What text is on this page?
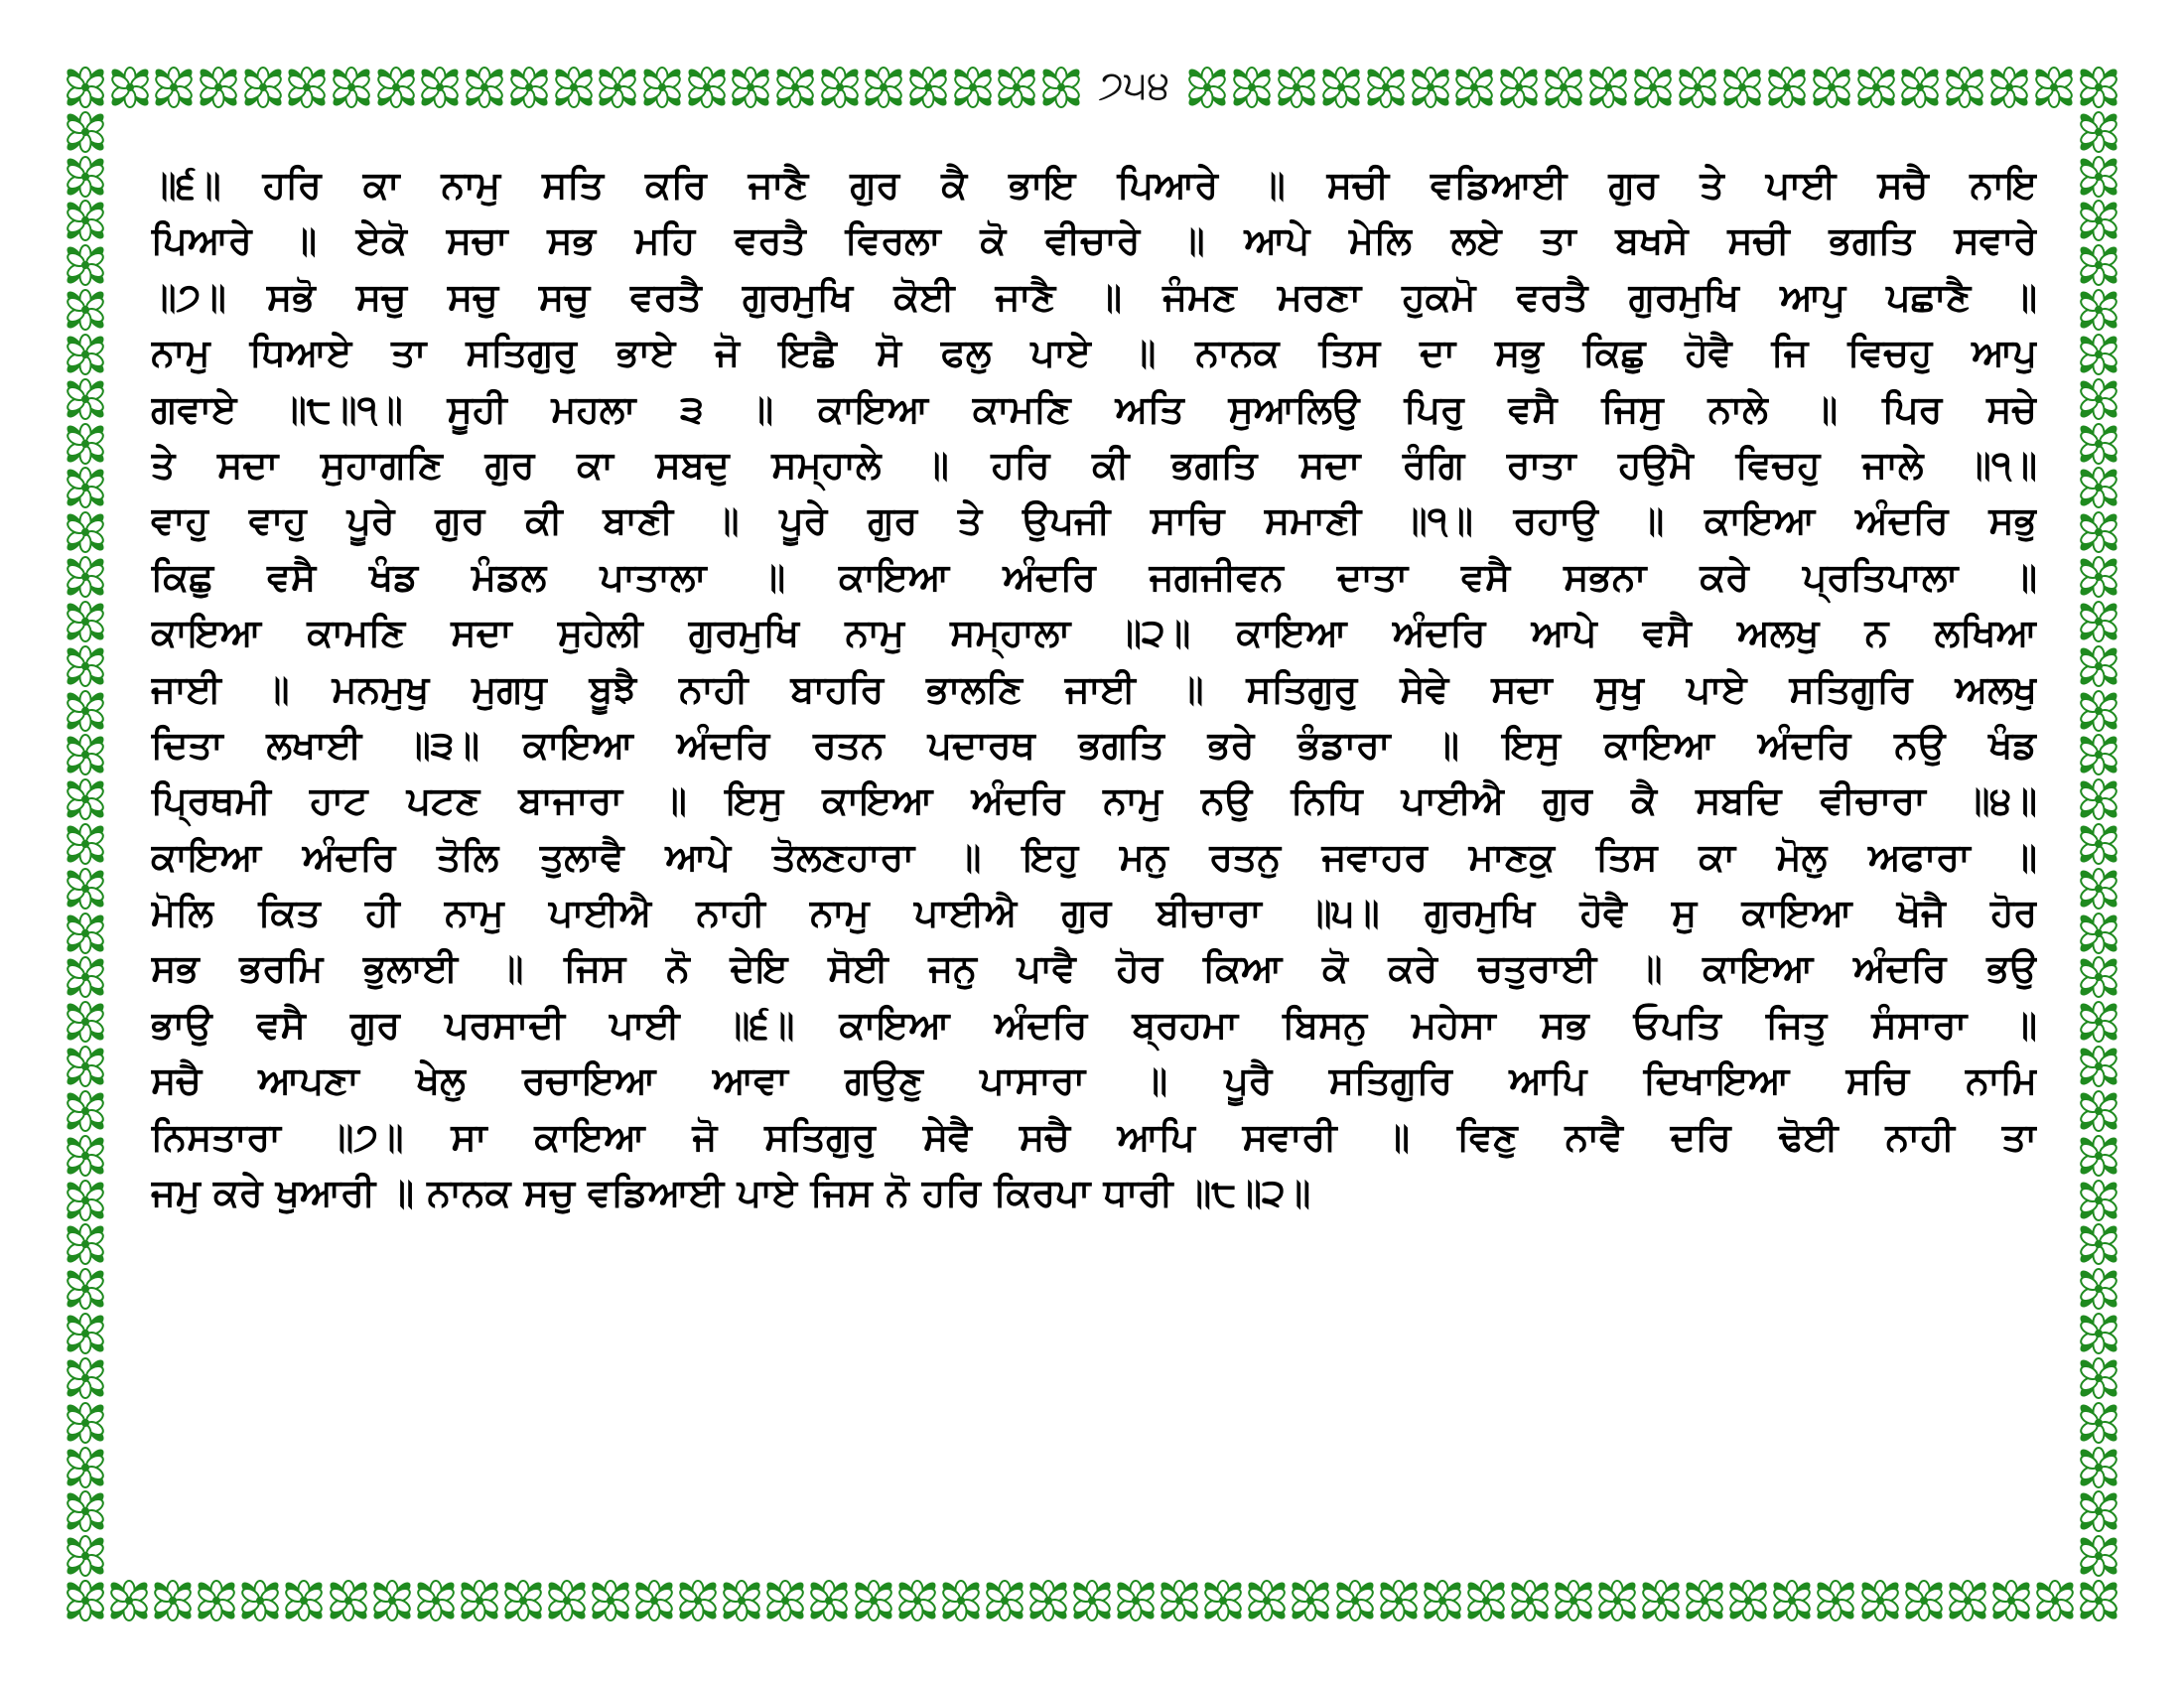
੭੫੪
॥੬॥ ਹਰਿ ਕਾ ਨਾਮੁ ਸਤਿ ਕਰਿ ਜਾਣੈ ਗੁਰ ਕੈ ਭਾਇ ਪਿਆਰੇ ॥ ਸਚੀ ਵਡਿਆਈ ਗੁਰ ਤੇ ਪਾਈ ਸਚੈ ਨਾਇ
ਪਿਆਰੇ ॥ ਏਕੋ ਸਚਾ ਸਭ ਮਹਿ ਵਰਤੈ ਵਿਰਲਾ ਕੋ ਵੀਚਾਰੇ ॥ ਆਪੇ ਮੇਲਿ ਲਏ ਤਾ ਬਖਸੇ ਸਚੀ ਭਗਤਿ ਸਵਾਰੇ
॥੭॥ ਸਭੋ ਸਚੁ ਸਚੁ ਸਚੁ ਵਰਤੈ ਗੁਰਮੁਖਿ ਕੋਈ ਜਾਣੈ ॥ ਜੰਮਣ ਮਰਣਾ ਹੁਕਮੋ ਵਰਤੈ ਗੁਰਮੁਖਿ ਆਪੁ ਪਛਾਣੈ ॥
ਨਾਮੁ ਧਿਆਏ ਤਾ ਸਤਿਗੁਰੁ ਭਾਏ ਜੋ ਇਛੈ ਸੋ ਫਲੁ ਪਾਏ ॥ ਨਾਨਕ ਤਿਸ ਦਾ ਸਭੁ ਕਿਛੁ ਹੋਵੈ ਜਿ ਵਿਚਹੁ ਆਪੁ
ਗਵਾਏ ॥੮॥੧॥ ਸੂਹੀ ਮਹਲਾ ੩ ॥ ਕਾਇਆ ਕਾਮਣਿ ਅਤਿ ਸੁਆਲਿਉ ਪਿਰੁ ਵਸੈ ਜਿਸੁ ਨਾਲੇ ॥ ਪਿਰ ਸਚੇ
ਤੇ ਸਦਾ ਸੁਹਾਗਣਿ ਗੁਰ ਕਾ ਸਬਦੁ ਸਮ੍ਹਾਲੇ ॥ ਹਰਿ ਕੀ ਭਗਤਿ ਸਦਾ ਰੰਗਿ ਰਾਤਾ ਹਉਮੈ ਵਿਚਹੁ ਜਾਲੇ ॥੧॥
ਵਾਹੁ ਵਾਹੁ ਪੂਰੇ ਗੁਰ ਕੀ ਬਾਣੀ ॥ ਪੂਰੇ ਗੁਰ ਤੇ ਉਪਜੀ ਸਾਚਿ ਸਮਾਣੀ ॥੧॥ ਰਹਾਉ ॥ ਕਾਇਆ ਅੰਦਰਿ ਸਭੁ
ਕਿਛੁ ਵਸੈ ਖੰਡ ਮੰਡਲ ਪਾਤਾਲਾ ॥ ਕਾਇਆ ਅੰਦਰਿ ਜਗਜੀਵਨ ਦਾਤਾ ਵਸੈ ਸਭਨਾ ਕਰੇ ਪ੍ਰਤਿਪਾਲਾ ॥
ਕਾਇਆ ਕਾਮਣਿ ਸਦਾ ਸੁਹੇਲੀ ਗੁਰਮੁਖਿ ਨਾਮੁ ਸਮ੍ਹਾਲਾ ॥੨॥ ਕਾਇਆ ਅੰਦਰਿ ਆਪੇ ਵਸੈ ਅਲਖੁ ਨ ਲਖਿਆ
ਜਾਈ ॥ ਮਨਮੁਖੁ ਮੁਗਧੁ ਬੂਝੈ ਨਾਹੀ ਬਾਹਰਿ ਭਾਲਣਿ ਜਾਈ ॥ ਸਤਿਗੁਰੁ ਸੇਵੇ ਸਦਾ ਸੁਖੁ ਪਾਏ ਸਤਿਗੁਰਿ ਅਲਖੁ
ਦਿਤਾ ਲਖਾਈ ॥੩॥ ਕਾਇਆ ਅੰਦਰਿ ਰਤਨ ਪਦਾਰਥ ਭਗਤਿ ਭਰੇ ਭੰਡਾਰਾ ॥ ਇਸੁ ਕਾਇਆ ਅੰਦਰਿ ਨਉ ਖੰਡ
ਪ੍ਰਿਥਮੀ ਹਾਟ ਪਟਣ ਬਾਜਾਰਾ ॥ ਇਸੁ ਕਾਇਆ ਅੰਦਰਿ ਨਾਮੁ ਨਉ ਨਿਧਿ ਪਾਈਐ ਗੁਰ ਕੈ ਸਬਦਿ ਵੀਚਾਰਾ ॥੪॥
ਕਾਇਆ ਅੰਦਰਿ ਤੋਲਿ ਤੁਲਾਵੈ ਆਪੇ ਤੋਲਣਹਾਰਾ ॥ ਇਹੁ ਮਨੁ ਰਤਨੁ ਜਵਾਹਰ ਮਾਣਕੁ ਤਿਸ ਕਾ ਮੋਲੁ ਅਫਾਰਾ ॥
ਮੋਲਿ ਕਿਤ ਹੀ ਨਾਮੁ ਪਾਈਐ ਨਾਹੀ ਨਾਮੁ ਪਾਈਐ ਗੁਰ ਬੀਚਾਰਾ ॥੫॥ ਗੁਰਮੁਖਿ ਹੋਵੈ ਸੁ ਕਾਇਆ ਖੋਜੈ ਹੋਰ
ਸਭ ਭਰਮਿ ਭੁਲਾਈ ॥ ਜਿਸ ਨੋ ਦੇਇ ਸੋਈ ਜਨੁ ਪਾਵੈ ਹੋਰ ਕਿਆ ਕੋ ਕਰੇ ਚਤੁਰਾਈ ॥ ਕਾਇਆ ਅੰਦਰਿ ਭਉ
ਭਾਉ ਵਸੈ ਗੁਰ ਪਰਸਾਦੀ ਪਾਈ ॥੬॥ ਕਾਇਆ ਅੰਦਰਿ ਬ੍ਰਹਮਾ ਬਿਸਨੁ ਮਹੇਸਾ ਸਭ ਓਪਤਿ ਜਿਤੁ ਸੰਸਾਰਾ ॥
ਸਚੈ ਆਪਣਾ ਖੇਲੁ ਰਚਾਇਆ ਆਵਾ ਗਉਣੁ ਪਾਸਾਰਾ ॥ ਪੂਰੈ ਸਤਿਗੁਰਿ ਆਪਿ ਦਿਖਾਇਆ ਸਚਿ ਨਾਮਿ
ਨਿਸਤਾਰਾ ॥੭॥ ਸਾ ਕਾਇਆ ਜੋ ਸਤਿਗੁਰੁ ਸੇਵੈ ਸਚੈ ਆਪਿ ਸਵਾਰੀ ॥ ਵਿਣੁ ਨਾਵੈ ਦਰਿ ਢੋਈ ਨਾਹੀ ਤਾ
ਜਮੁ ਕਰੇ ਖੁਆਰੀ ॥ ਨਾਨਕ ਸਚੁ ਵਡਿਆਈ ਪਾਏ ਜਿਸ ਨੋ ਹਰਿ ਕਿਰਪਾ ਧਾਰੀ ॥੮॥੨॥
